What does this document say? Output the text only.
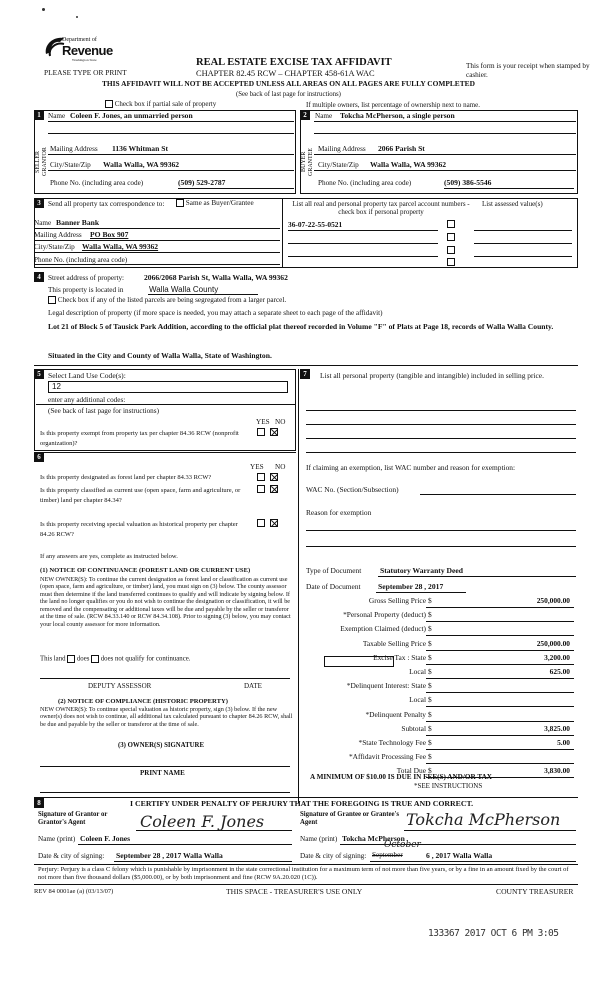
Department of
Revenue
Washington State	REAL ESTATE EXCISE TAX AFFIDAVIT
CHAPTER 82.45 RCW – CHAPTER 458-61A WAC
PLEASE TYPE OR PRINT
This form is your receipt when stamped by cashier.
THIS AFFIDAVIT WILL NOT BE ACCEPTED UNLESS ALL AREAS ON ALL PAGES ARE FULLY COMPLETED
(See back of last page for instructions)
Check box if partial sale of property	If multiple owners, list percentage of ownership next to name.
1	Name Coleen F. Jones, an unmarried person
SELLER GRANTOR Mailing Address 1136 Whitman St
City/State/Zip Walla Walla, WA 99362
Phone No. (including area code)	(509) 529-2787
2	Name Tokcha McPherson, a single person
BUYER GRANTEE Mailing Address 2066 Parish St
City/State/Zip Walla Walla, WA 99362
Phone No. (including area code)	(509) 386-5546
3	Send all property tax correspondence to:	Same as Buyer/Grantee
Name Banner Bank
Mailing Address PO Box 907
City/State/Zip Walla Walla, WA 99362
Phone No. (including area code)
List all real and personal property tax parcel account numbers - check box if personal property
List assessed value(s)
36-07-22-55-0521
4	Street address of property:	2066/2068 Parish St, Walla Walla, WA 99362
This property is located in	Walla Walla County
Check box if any of the listed parcels are being segregated from a larger parcel.
Legal description of property (if more space is needed, you may attach a separate sheet to each page of the affidavit)
Lot 21 of Block 5 of Tausick Park Addition, according to the official plat thereof recorded in Volume "F" of Plats at Page 18, records of Walla Walla County.
Situated in the City and County of Walla Walla, State of Washington.
5 Select Land Use Code(s):
12
enter any additional codes:
(See back of last page for instructions)
YES NO
Is this property exempt from property tax per chapter 84.36 RCW (nonprofit organization)?

6
YES NO
Is this property designated as forest land per chapter 84.33 RCW?

Is this property classified as current use (open space, farm and agriculture, or timber) land per chapter 84.34?

Is this property receiving special valuation as historical property per chapter 84.26 RCW?

If any answers are yes, complete as instructed below.
(1) NOTICE OF CONTINUANCE (FOREST LAND OR CURRENT USE)
NEW OWNER(S): To continue the current designation as forest land or classification as current use (open space, farm and agriculture, or timber) land, you must sign on (3) below. The county assessor must then determine if the land transferred continues to qualify and will indicate by signing below. If the land no longer qualifies or you do not wish to continue the designation or classification, it will be removed and the compensating or additional taxes will be due and payable by the seller or transferor at the time of sale. (RCW 84.33.140 or RCW 84.34.108). Prior to signing (3) below, you may contact your local county assessor for more information.
This land does does not qualify for continuance.
DEPUTY ASSESSOR	DATE
(2) NOTICE OF COMPLIANCE (HISTORIC PROPERTY)
NEW OWNER(S): To continue special valuation as historic property, sign (3) below. If the new owner(s) does not wish to continue, all additional tax calculated pursuant to chapter 84.26 RCW, shall be due and payable by the seller or transferor at the time of sale.
(3) OWNER(S) SIGNATURE
PRINT NAME
7	List all personal property (tangible and intangible) included in selling price.
If claiming an exemption, list WAC number and reason for exemption:
WAC No. (Section/Subsection)
Reason for exemption
Type of Document Statutory Warranty Deed
Date of Document September 28 , 2017
Gross Selling Price $	250,000.00
*Personal Property (deduct) $
Exemption Claimed (deduct) $
Taxable Selling Price $	250,000.00
Excise Tax : State $	3,200.00
Local $	625.00
*Delinquent Interest: State $
Local $
*Delinquent Penalty $
Subtotal $	3,825.00
*State Technology Fee $	5.00
*Affidavit Processing Fee $
Total Due $	3,830.00
A MINIMUM OF $10.00 IS DUE IN FEE(S) AND/OR TAX
*SEE INSTRUCTIONS
8	I CERTIFY UNDER PENALTY OF PERJURY THAT THE FOREGOING IS TRUE AND CORRECT.
Signature of Grantor or Grantor's Agent	Coleen F. Jones	Signature of Grantee or Grantee's Agent	Tokcha McPherson
Name (print) Coleen F. Jones	Name (print) Tokcha McPherson
Date & city of signing: September 28 , 2017 Walla Walla	Date & city of signing: September
October
6 , 2017 Walla Walla
Perjury: Perjury is a class C felony which is punishable by imprisonment in the state correctional institution for a maximum term of not more than five years, or by a fine in an amount fixed by the court of not more than five thousand dollars ($5,000.00), or by both imprisonment and fine (RCW 9A.20.020 (1C)).
REV 84 0001ae (a) (03/13/07)	THIS SPACE - TREASURER'S USE ONLY	COUNTY TREASURER
133367 2017 OCT 6 PM 3:05
